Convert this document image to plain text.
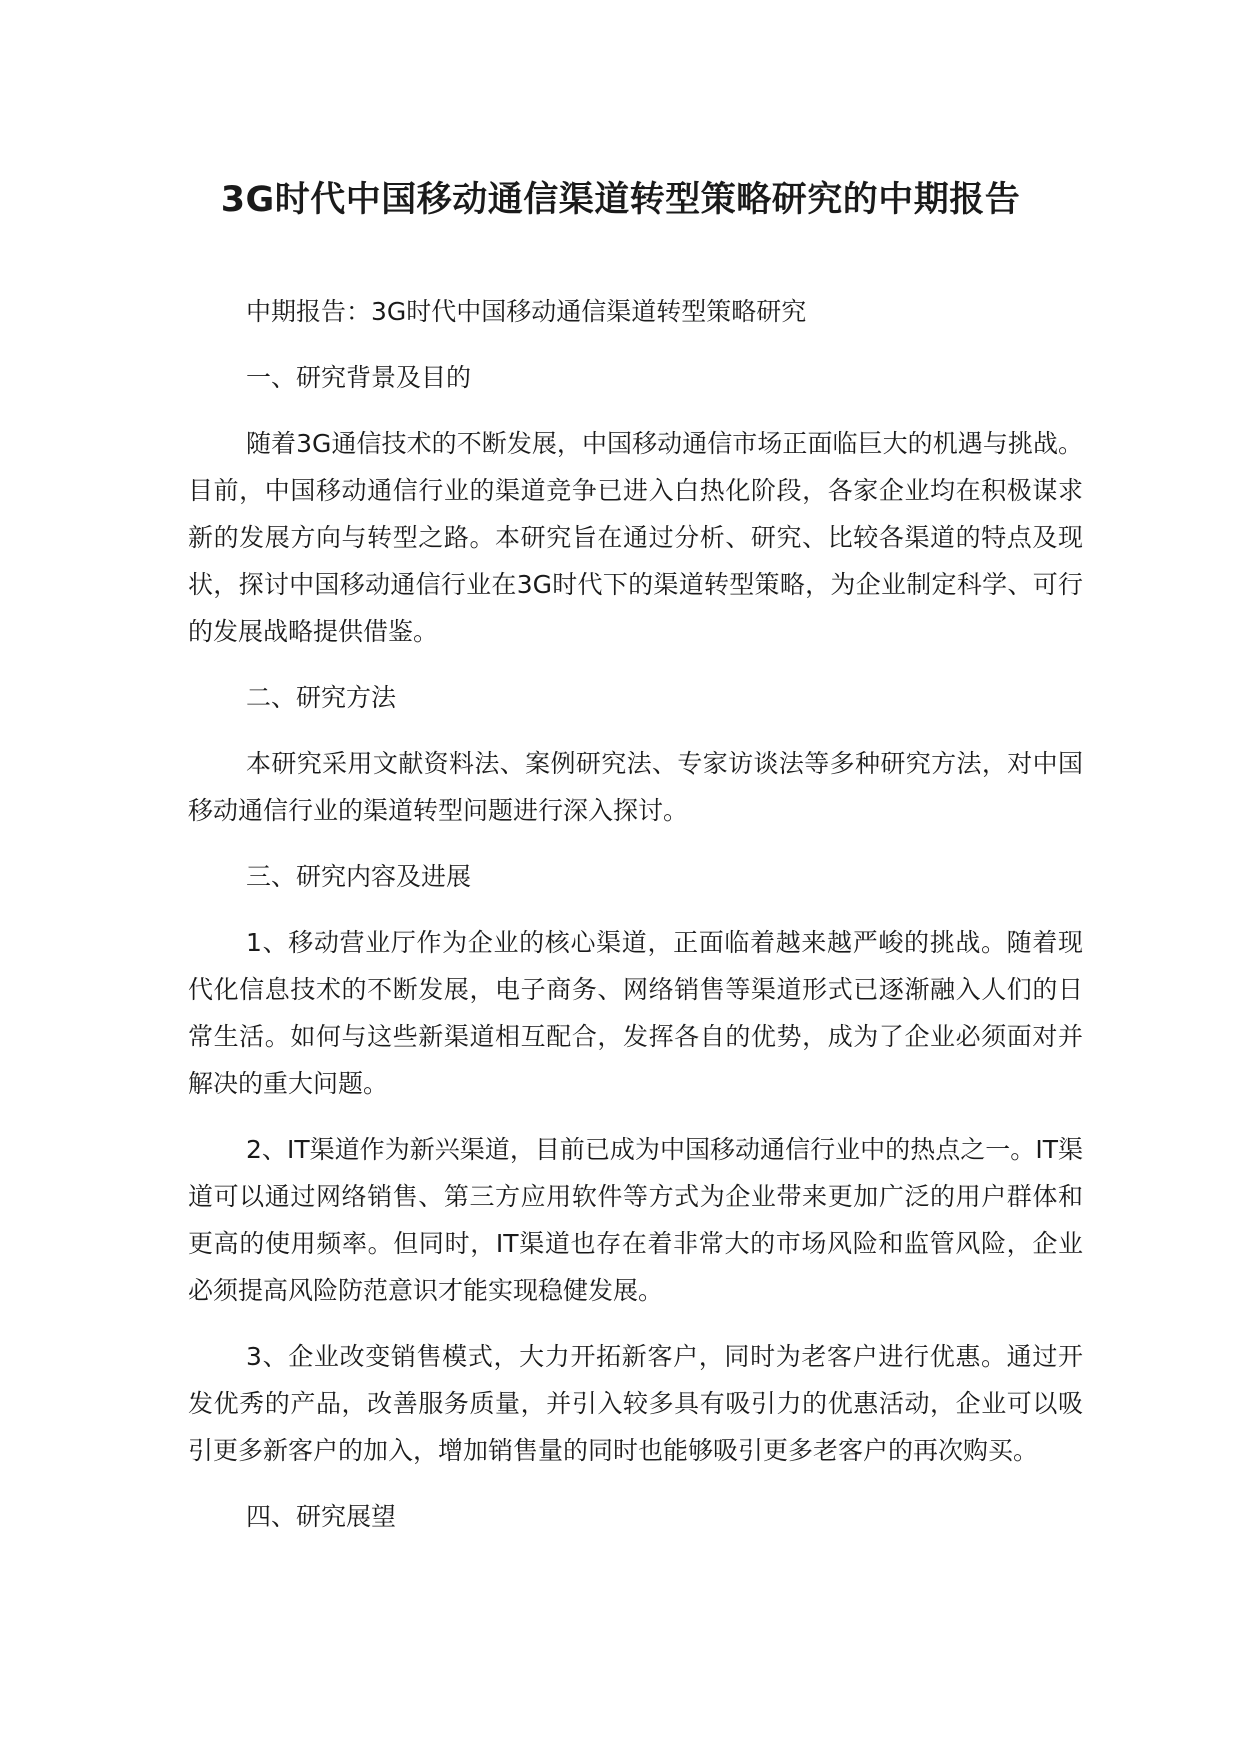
3G时代中国移动通信渠道转型策略研究的中期报告

中期报告：3G时代中国移动通信渠道转型策略研究

一、研究背景及目的

随着3G通信技术的不断发展，中国移动通信市场正面临巨大的机遇与挑战。目前，中国移动通信行业的渠道竞争已进入白热化阶段，各家企业均在积极谋求新的发展方向与转型之路。本研究旨在通过分析、研究、比较各渠道的特点及现状，探讨中国移动通信行业在3G时代下的渠道转型策略，为企业制定科学、可行的发展战略提供借鉴。

二、研究方法

本研究采用文献资料法、案例研究法、专家访谈法等多种研究方法，对中国移动通信行业的渠道转型问题进行深入探讨。

三、研究内容及进展

1、移动营业厅作为企业的核心渠道，正面临着越来越严峻的挑战。随着现代化信息技术的不断发展，电子商务、网络销售等渠道形式已逐渐融入人们的日常生活。如何与这些新渠道相互配合，发挥各自的优势，成为了企业必须面对并解决的重大问题。

2、IT渠道作为新兴渠道，目前已成为中国移动通信行业中的热点之一。IT渠道可以通过网络销售、第三方应用软件等方式为企业带来更加广泛的用户群体和更高的使用频率。但同时，IT渠道也存在着非常大的市场风险和监管风险，企业必须提高风险防范意识才能实现稳健发展。

3、企业改变销售模式，大力开拓新客户，同时为老客户进行优惠。通过开发优秀的产品，改善服务质量，并引入较多具有吸引力的优惠活动，企业可以吸引更多新客户的加入，增加销售量的同时也能够吸引更多老客户的再次购买。

四、研究展望
